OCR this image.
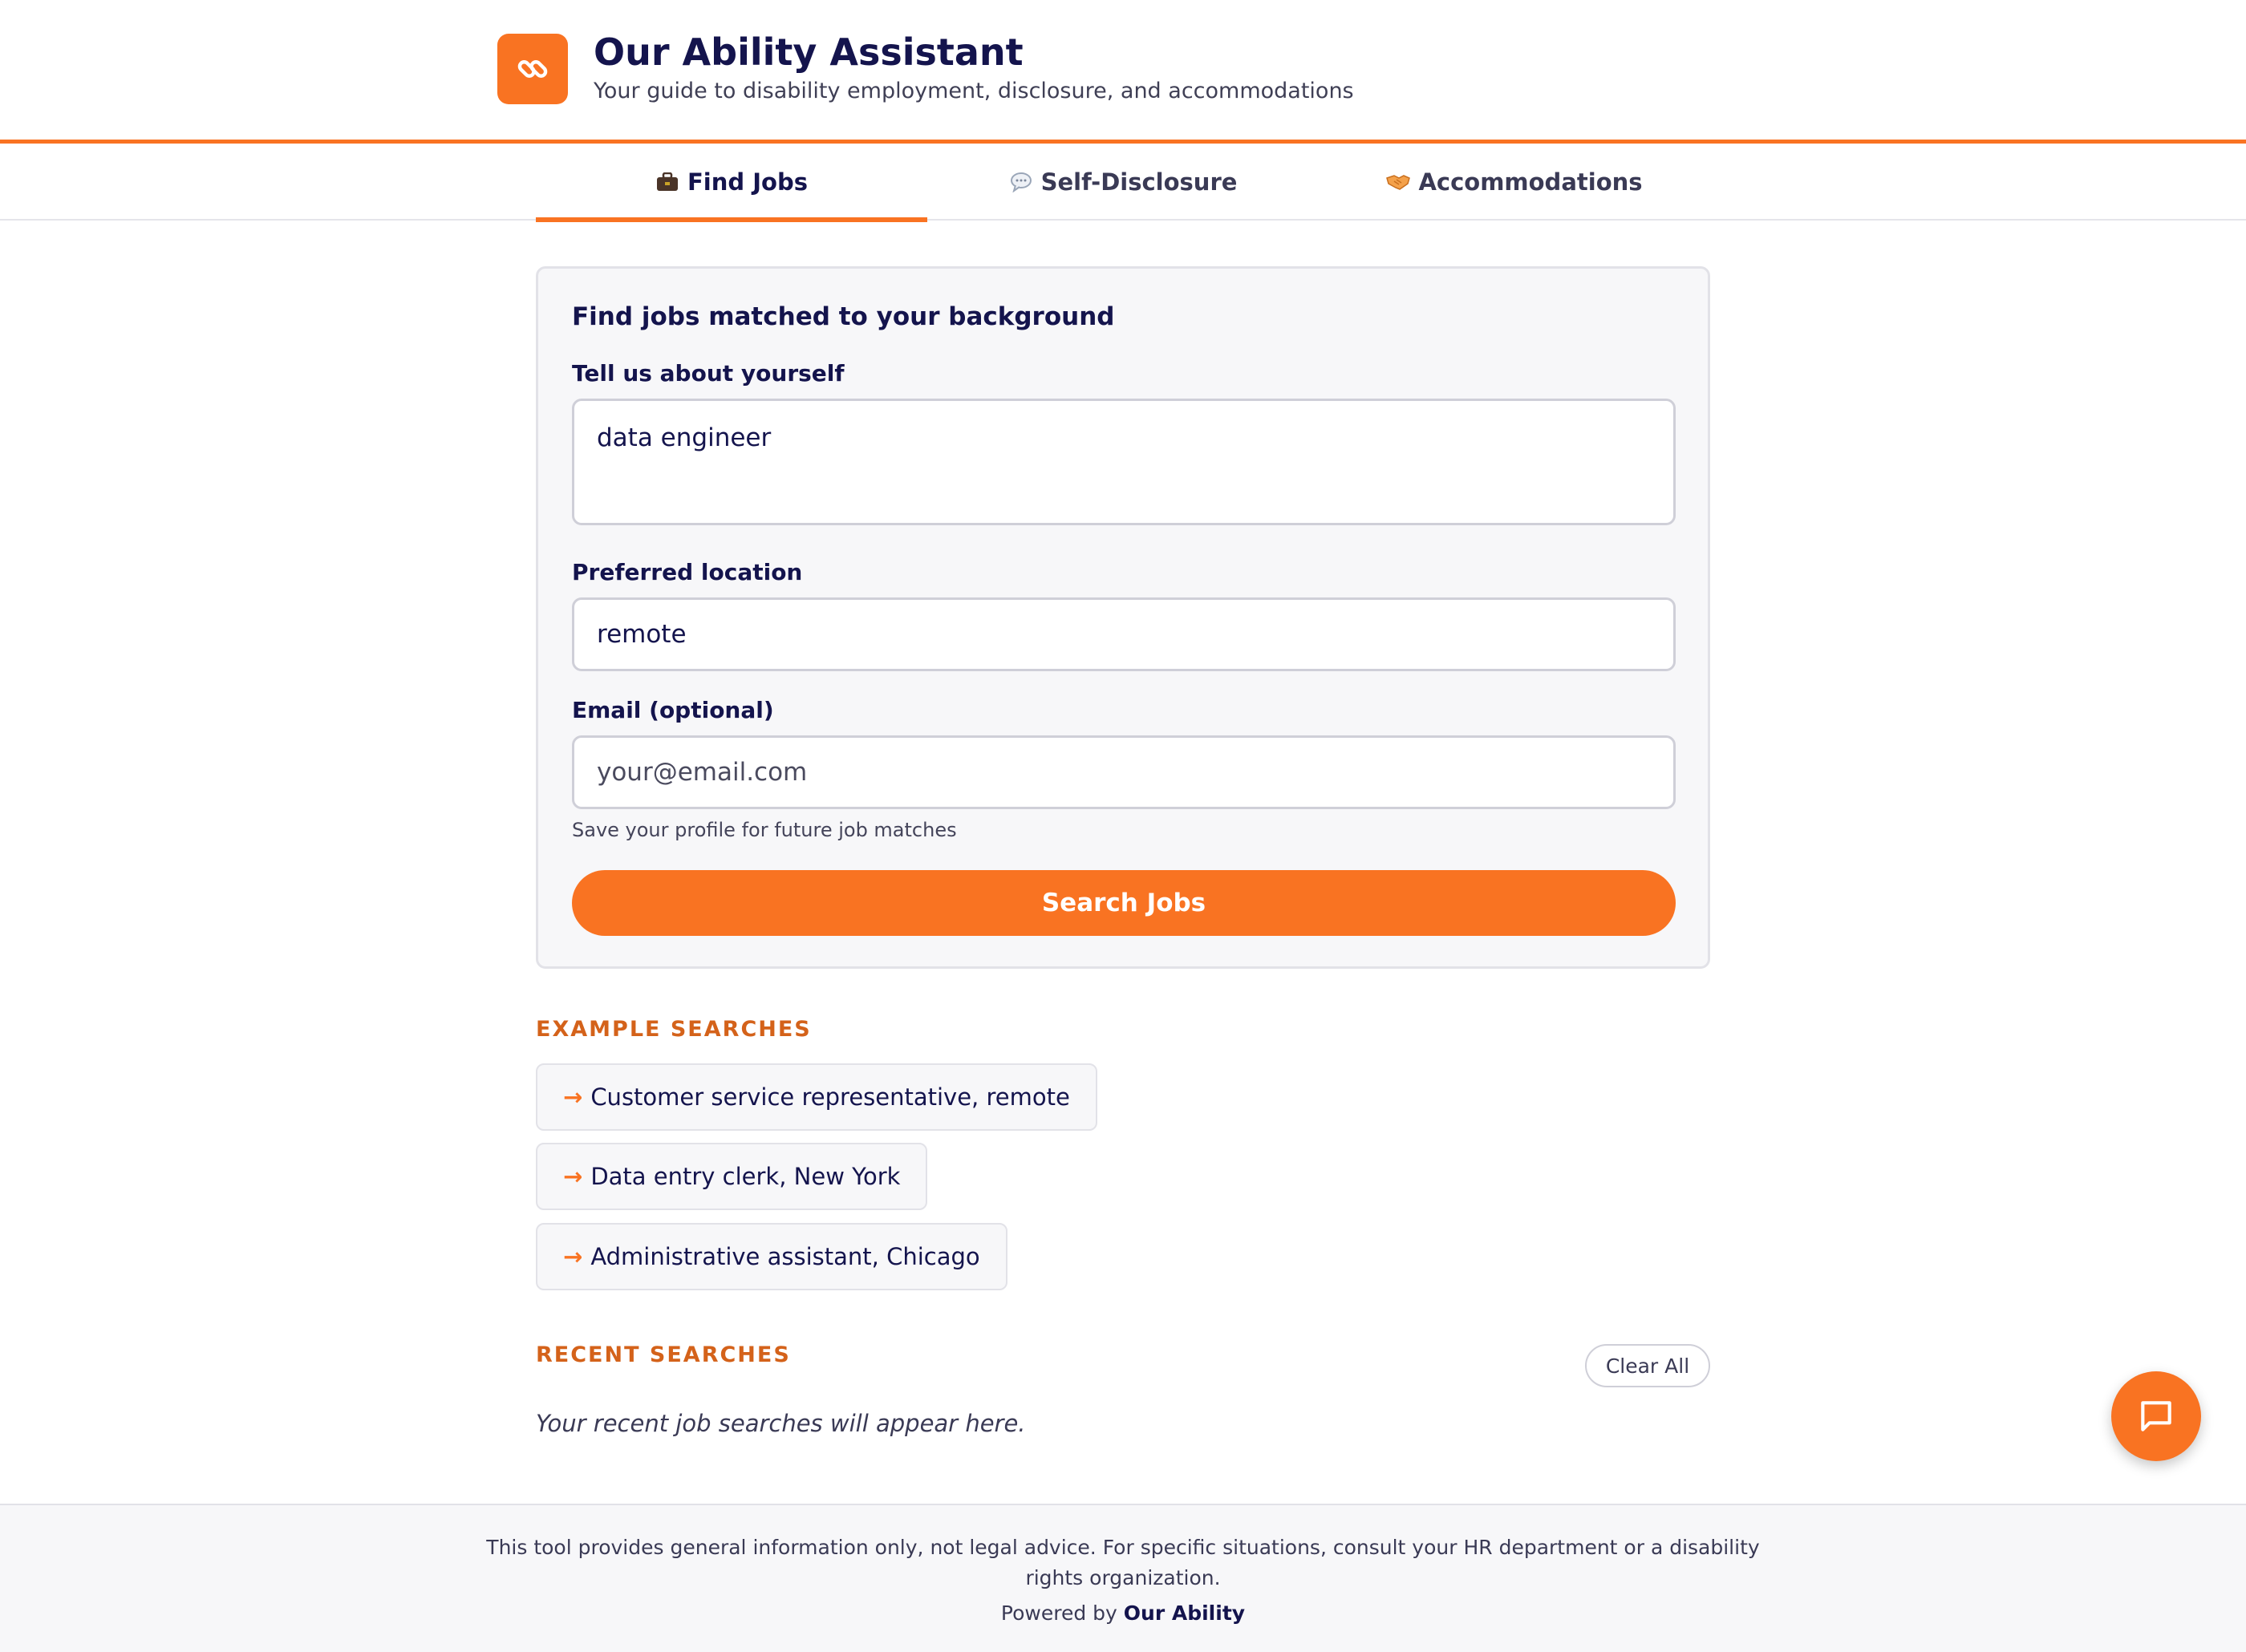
Our Ability Assistant
Your guide to disability employment, disclosure, and accommodations
Find Jobs	Self-Disclosure	Accommodations
Find jobs matched to your background
Tell us about yourself
data engineer
Preferred location
remote
Email (optional)
your@email.com
Save your profile for future job matches
Search Jobs
EXAMPLE SEARCHES
→ Customer service representative, remote
→ Data entry clerk, New York
→ Administrative assistant, Chicago
RECENT SEARCHES	Clear All
Your recent job searches will appear here.
This tool provides general information only, not legal advice. For specific situations, consult your HR department or a disability rights organization.
Powered by Our Ability
